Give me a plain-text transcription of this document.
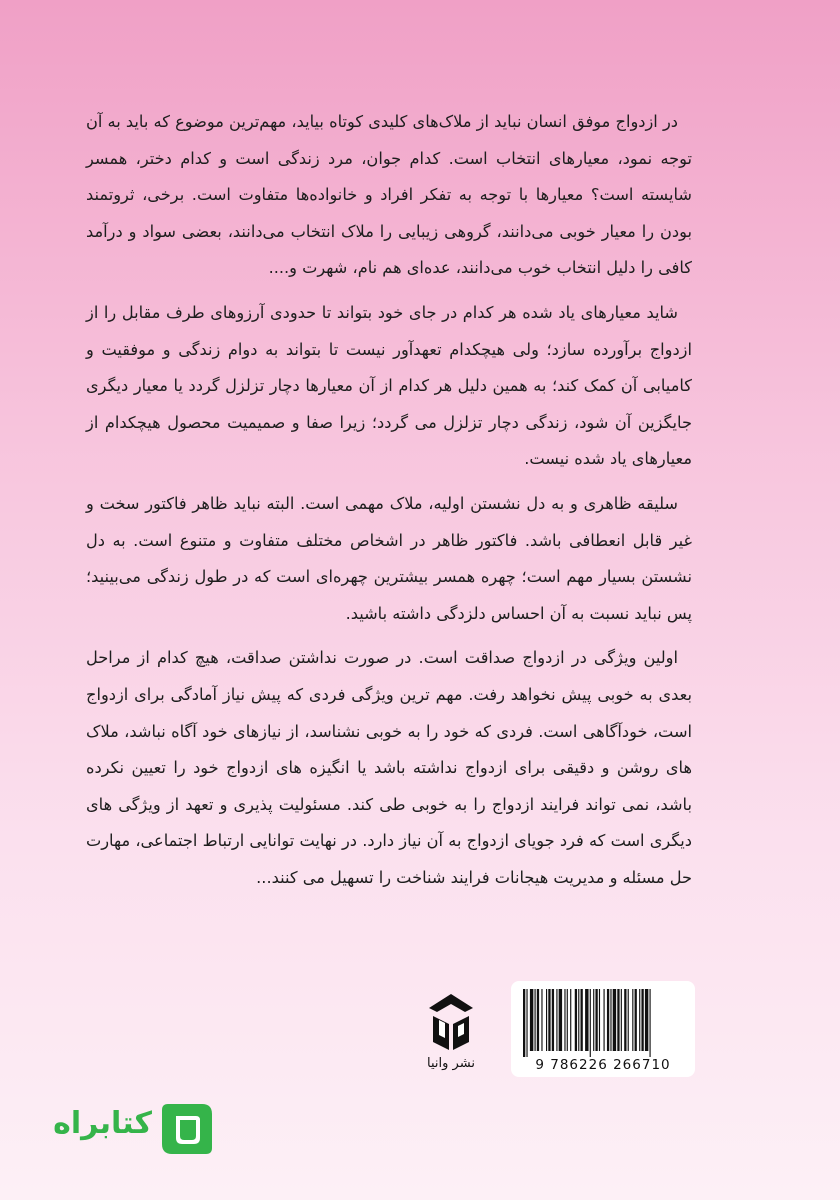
در ازدواج موفق انسان نباید از ملاک‌های کلیدی کوتاه بیاید، مهم‌ترین موضوع که باید به آن توجه نمود، معیارهای انتخاب است. کدام جوان، مرد زندگی است و کدام دختر، همسر شایسته است؟ معیارها با توجه به تفکر افراد و خانواده‌ها متفاوت است. برخی، ثروتمند بودن را معیار خوبی می‌دانند، گروهی زیبایی را ملاک انتخاب می‌دانند، بعضی سواد و درآمد کافی را دلیل انتخاب خوب می‌دانند، عده‌ای هم نام، شهرت و....

شاید معیارهای یاد شده هر کدام در جای خود بتواند تا حدودی آرزوهای طرف مقابل را از ازدواج برآورده سازد؛ ولی هیچکدام تعهدآور نیست تا بتواند به دوام زندگی و موفقیت و کامیابی آن کمک کند؛ به همین دلیل هر کدام از آن معیارها دچار تزلزل گردد یا معیار دیگری جایگزین آن شود، زندگی دچار تزلزل می گردد؛ زیرا صفا و صمیمیت محصول هیچکدام از معیارهای یاد شده نیست.

سلیقه ظاهری و به دل نشستن اولیه، ملاک مهمی است. البته نباید ظاهر فاکتور سخت و غیر قابل انعطافی باشد. فاکتور ظاهر در اشخاص مختلف متفاوت و متنوع است. به دل نشستن بسیار مهم است؛ چهره همسر بیشترین چهره‌ای است که در طول زندگی می‌بینید؛ پس نباید نسبت به آن احساس دلزدگی داشته باشید.

اولین ویژگی در ازدواج صداقت است. در صورت نداشتن صداقت، هیچ کدام از مراحل بعدی به خوبی پیش نخواهد رفت. مهم ترین ویژگی فردی که پیش نیاز آمادگی برای ازدواج است، خودآگاهی است. فردی که خود را به خوبی نشناسد، از نیازهای خود آگاه نباشد، ملاک های روشن و دقیقی برای ازدواج نداشته باشد یا انگیزه های ازدواج خود را تعیین نکرده باشد، نمی تواند فرایند ازدواج را به خوبی طی کند. مسئولیت پذیری و تعهد از ویژگی های دیگری است که فرد جویای ازدواج به آن نیاز دارد. در نهایت توانایی ارتباط اجتماعی، مهارت حل مسئله و مدیریت هیجانات فرایند شناخت را تسهیل می کنند...

9 786226 266710
نشر وانیا
کتابراه
